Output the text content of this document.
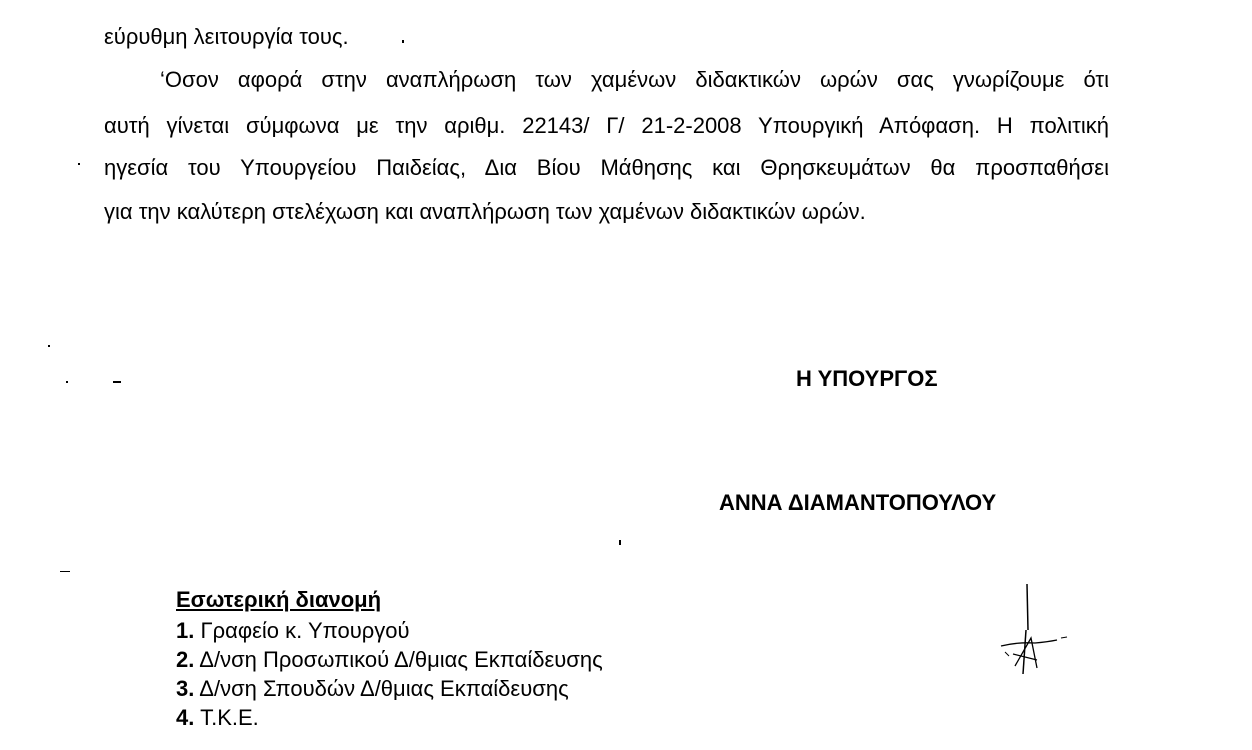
εύρυθμη λειτουργία τους.
‘Οσον αφορά στην αναπλήρωση των χαμένων διδακτικών ωρών σας γνωρίζουμε ότι
αυτή γίνεται σύμφωνα με την αριθμ. 22143/ Γ/ 21-2-2008 Υπουργική Απόφαση. Η πολιτική
ηγεσία του Υπουργείου Παιδείας, Δια Βίου Μάθησης και Θρησκευμάτων θα προσπαθήσει
για την καλύτερη στελέχωση και αναπλήρωση των χαμένων διδακτικών ωρών.
Η ΥΠΟΥΡΓΟΣ
ΑΝΝΑ ΔΙΑΜΑΝΤΟΠΟΥΛΟΥ
Εσωτερική διανομή
1. Γραφείο κ. Υπουργού
2. Δ/νση Προσωπικού Δ/θμιας Εκπαίδευσης
3. Δ/νση Σπουδών Δ/θμιας Εκπαίδευσης
4. Τ.Κ.Ε.
